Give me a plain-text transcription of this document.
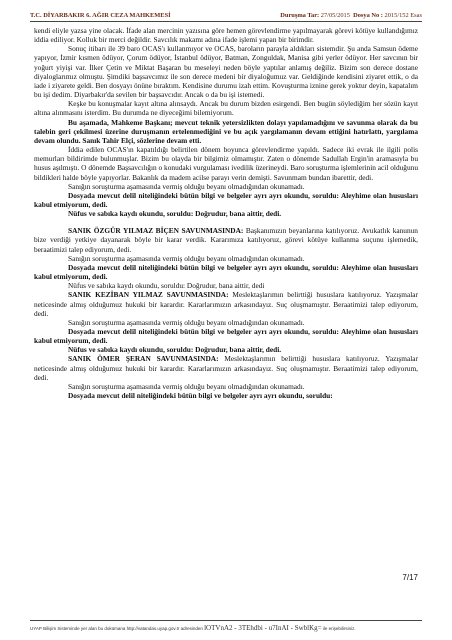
T.C. DİYARBAKIR 6. AĞIR CEZA MAHKEMESİ	Duruşma Tar: 27/05/2015 Dosya No : 2015/152 Esas

kendi eliyle yazsa yine olacak. İfade alan mercinin yazısına göre hemen görevlendirme yapılmayarak görevi kötüye kullandığımız iddia ediliyor. Kolluk bir merci değildir. Savcılık makamı adına ifade işlemi yapan bir birimdir.

Sonuç itibarı ile 39 baro OCAS'ı kullanmıyor ve OCAS, baroların parayla aldıkları sistemdir. Şu anda Samsun ödeme yapıyor, İzmir kısmen ödüyor, Çorum ödüyor, İstanbul ödüyor, Batman, Zonguldak, Manisa gibi yerler ödüyor. Her savcının bir yoğurt yiyişi var. İlker Çetin ve Miktat Başaran bu meseleyi neden böyle yaptılar anlamış değiliz. Bizim son derece dostane diyaloglarımız olmuştu. Şimdiki başsavcımız ile son derece medeni bir diyaloğumuz var. Geldiğinde kendisini ziyaret ettik, o da iade i ziyarete geldi. Ben dosyayı önüne bıraktım. Kendisine durumu izah ettim. Kovuşturma iznine gerek yoktur deyin, kapatalım bu işi dedim. Diyarbakır'da sevilen bir başsavcıdır. Ancak o da bu işi istemedi.

Keşke bu konuşmalar kayıt altına alınsaydı. Ancak bu durum bizden esirgendi. Ben bugün söylediğim her sözün kayıt altına alınmasını isterdim. Bu durumda ne diyeceğimi bilemiyorum.

Bu aşamada, Mahkeme Başkanı; mevcut teknik yetersizlikten dolayı yapılamadığını ve savunma olarak da bu talebin geri çekilmesi üzerine duruşmanın ertelenmediğini ve bu açık yargılamanın devam ettiğini hatırlattı, yargılama devam olundu. Sanık Tahir Elçi, sözlerine devam etti.

İddia edilen OCAS'ın kapatıldığı belirtilen dönem boyunca görevlendirme yapıldı. Sadece iki evrak ile ilgili polis memurları bildirimde bulunmuşlar. Bizim bu olayda bir bilgimiz olmamıştır. Zaten o dönemde Sadullah Ergin'in aramasıyla bu husus aşılmıştı. O dönemde Başsavcılığın o konudaki vurgulaması ivedilik üzerineydi. Baro soruşturma işlemlerinin acil olduğunu bildikleri halde böyle yapıyorlar. Bakanlık da madem acilse parayı verin demişti. Savunmam bundan ibarettir, dedi.

Sanığın soruşturma aşamasında vermiş olduğu beyanı olmadığından okunamadı.

Dosyada mevcut delil niteliğindeki bütün bilgi ve belgeler ayrı ayrı okundu, soruldu: Aleyhime olan hususları kabul etmiyorum, dedi.

Nüfus ve sabıka kaydı okundu, soruldu: Doğrudur, bana aittir, dedi.

SANIK ÖZGÜR YILMAZ BİÇEN SAVUNMASINDA: Başkanımızın beyanlarına katılıyoruz. Avukatlık kanunun bize verdiği yetkiye dayanarak böyle bir karar verdik. Kararımıza katılıyoruz, görevi kötüye kullanma suçunu işlemedik, beraatimizi talep ediyorum, dedi.

Sanığın soruşturma aşamasında vermiş olduğu beyanı olmadığından okunamadı.

Dosyada mevcut delil niteliğindeki bütün bilgi ve belgeler ayrı ayrı okundu, soruldu: Aleyhime olan hususları kabul etmiyorum, dedi.

Nüfus ve sabıka kaydı okundu, soruldu: Doğrudur, bana aittir, dedi

SANIK KEZİBAN YILMAZ SAVUNMASINDA: Meslektaşlarımın belirttiği hususlara katılıyoruz. Yazışmalar neticesinde almış olduğumuz hukuki bir karardır. Kararlarımızın arkasındayız. Suç oluşmamıştır. Beraatimizi talep ediyorum, dedi.

Sanığın soruşturma aşamasında vermiş olduğu beyanı olmadığından okunamadı.

Dosyada mevcut delil niteliğindeki bütün bilgi ve belgeler ayrı ayrı okundu, soruldu: Aleyhime olan hususları kabul etmiyorum, dedi.

Nüfus ve sabıka kaydı okundu, soruldu: Doğrudur, bana aittir, dedi.

SANIK ÖMER ŞERAN SAVUNMASINDA: Meslektaşlarımın belirttiği hususlara katılıyoruz. Yazışmalar neticesinde almış olduğumuz hukuki bir karardır. Kararlarımızın arkasındayız. Suç oluşmamıştır. Beraatimizi talep ediyorum, dedi.

Sanığın soruşturma aşamasında vermiş olduğu beyanı olmadığından okunamadı.

Dosyada mevcut delil niteliğindeki bütün bilgi ve belgeler ayrı ayrı okundu, soruldu:

7/17
UYAP Bilişim Sisteminde yer alan bu dokümana http://vatandas.uyap.gov.tr adresinden lOTVnA2 - 3TEhdbi - u7InAI - SwblKg= ile erişebilirsiniz.
